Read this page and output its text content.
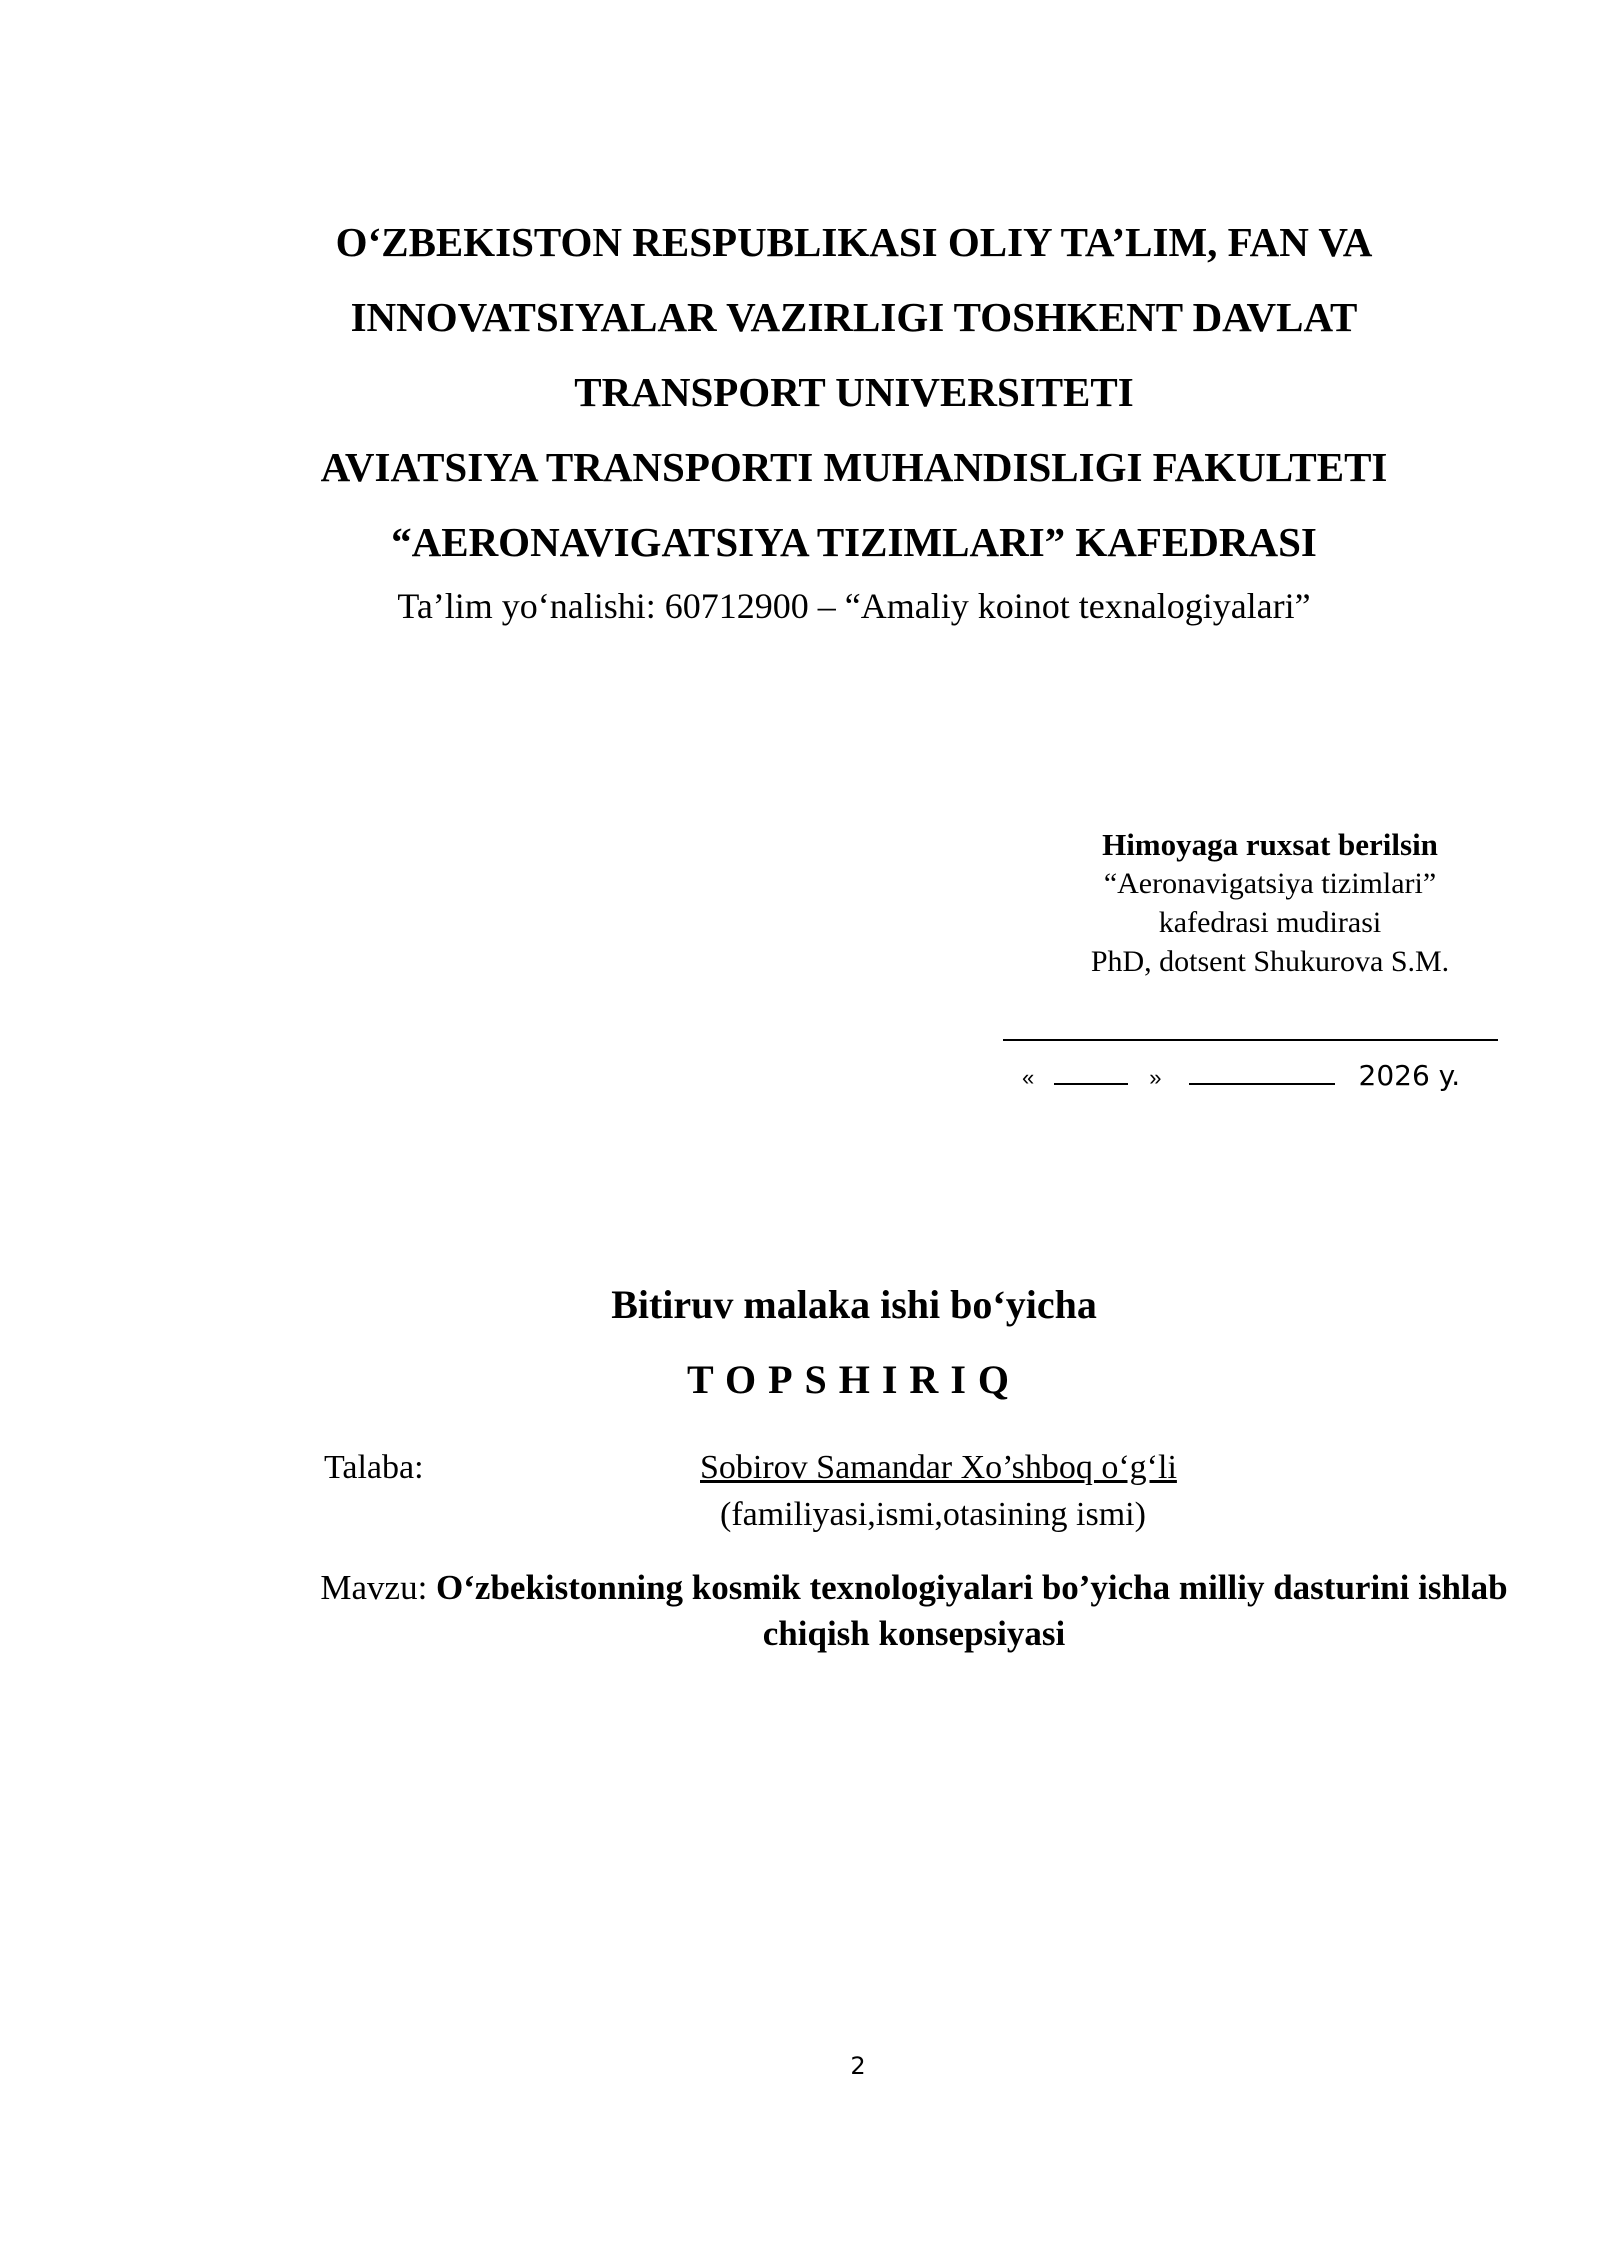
O‘ZBEKISTON RESPUBLIKASI OLIY TA’LIM, FAN VA
INNOVATSIYALAR VAZIRLIGI TOSHKENT DAVLAT
TRANSPORT UNIVERSITETI
AVIATSIYA TRANSPORTI MUHANDISLIGI FAKULTETI
“AERONAVIGATSIYA TIZIMLARI” KAFEDRASI
Ta’lim yo‘nalishi: 60712900 – “Amaliy koinot texnalogiyalari”
Himoyaga ruxsat berilsin
“Aeronavigatsiya tizimlari”
kafedrasi mudirasi
PhD, dotsent Shukurova S.M.
«	»	2026 y.
Bitiruv malaka ishi bo‘yicha
TOPSHIRIQ
Talaba:	Sobirov Samandar Xo’shboq o‘g‘li
(familiyasi,ismi,otasining ismi)
Mavzu: O‘zbekistonning kosmik texnologiyalari bo’yicha milliy dasturini ishlab chiqish konsepsiyasi
2
